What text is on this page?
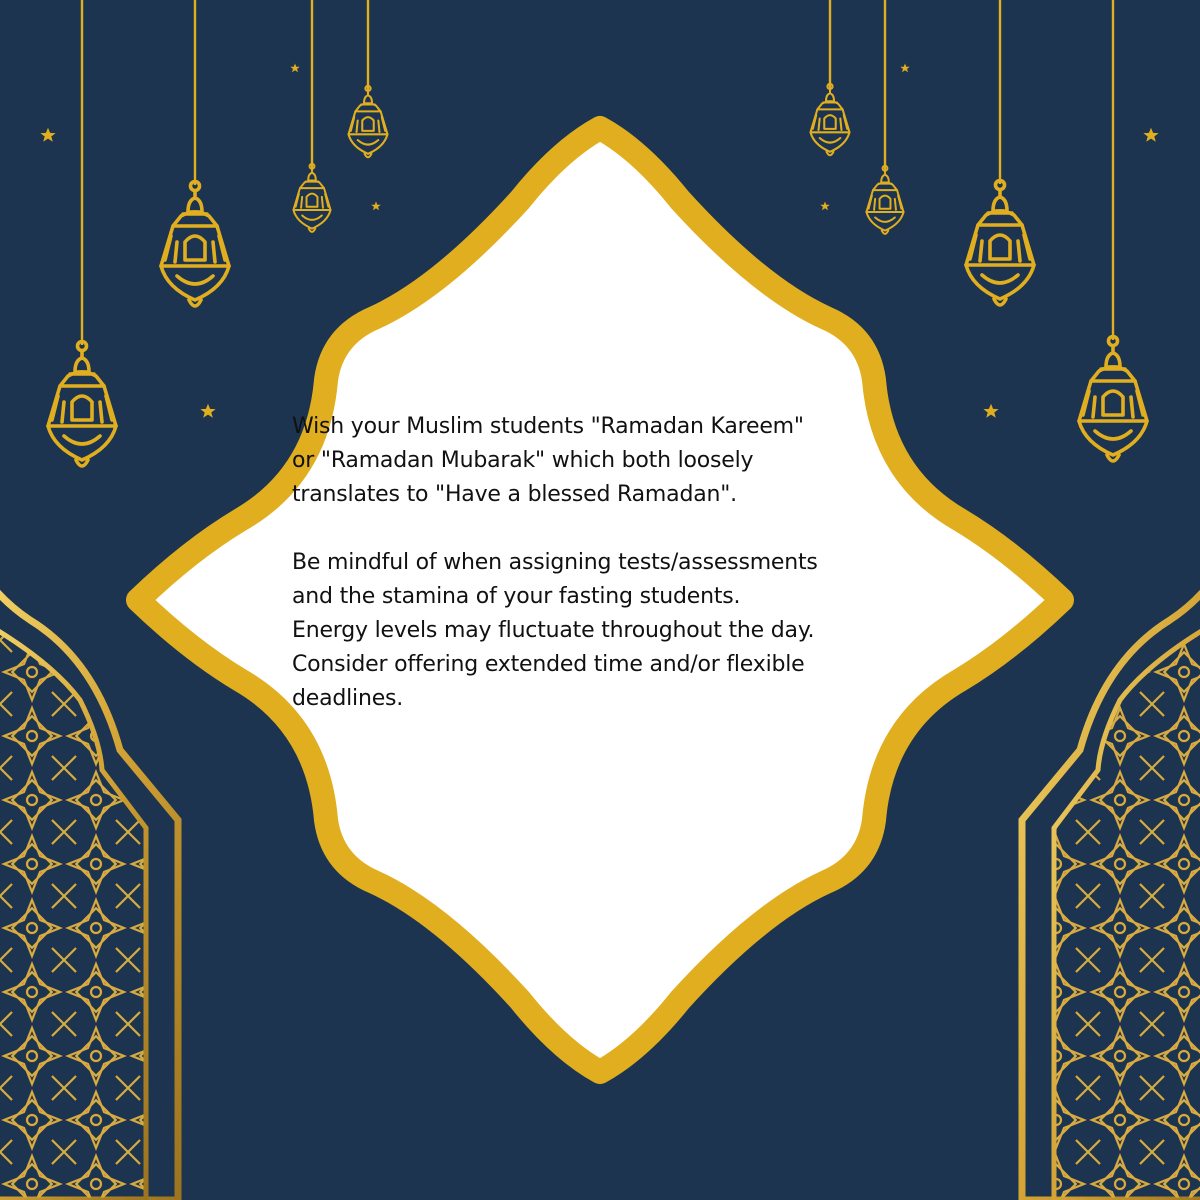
Wish your Muslim students "Ramadan Kareem"
or "Ramadan Mubarak" which both loosely
translates to "Have a blessed Ramadan".

Be mindful of when assigning tests/assessments
and the stamina of your fasting students.
Energy levels may fluctuate throughout the day.
Consider offering extended time and/or flexible
deadlines.
